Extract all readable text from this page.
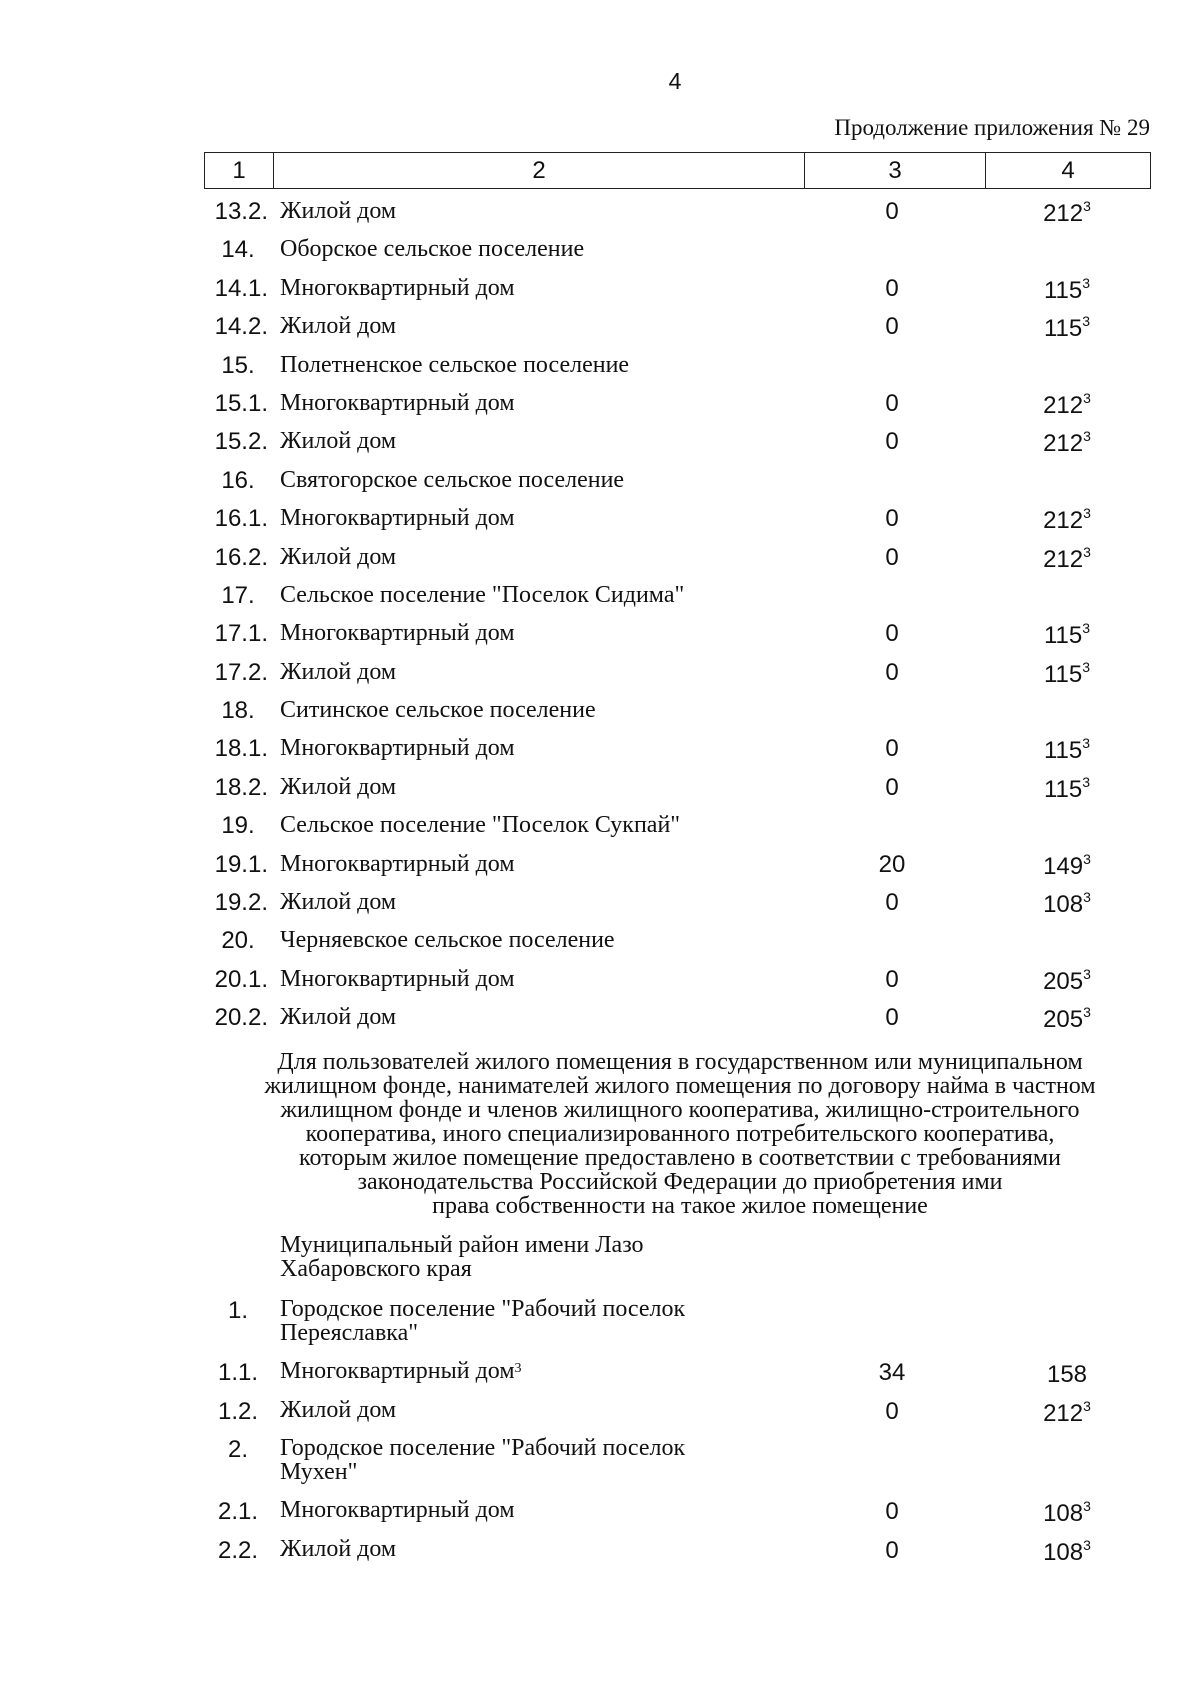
4
Продолжение приложения № 29
1	2	3	4
13.2. Жилой дом	0	$212^3$
14.	Оборское сельское поселение
14.1. Многоквартирный дом	0	$115^3$
14.2. Жилой дом	0	$115^3$
15.	Полетненское сельское поселение
15.1. Многоквартирный дом	0	$212^3$
15.2. Жилой дом	0	$212^3$
16.	Святогорское сельское поселение
16.1. Многоквартирный дом	0	$212^3$
16.2. Жилой дом	0	$212^3$
17.	Сельское поселение "Поселок Сидима"
17.1. Многоквартирный дом	0	$115^3$
17.2. Жилой дом	0	$115^3$
18.	Ситинское сельское поселение
18.1. Многоквартирный дом	0	$115^3$
18.2. Жилой дом	0	$115^3$
19.	Сельское поселение "Поселок Сукпай"
19.1. Многоквартирный дом	20	$149^3$
19.2. Жилой дом	0	$108^3$
20.	Черняевское сельское поселение
20.1. Многоквартирный дом	0	$205^3$
20.2. Жилой дом	0	$205^3$
Для пользователей жилого помещения в государственном или муниципальном
жилищном фонде, нанимателей жилого помещения по договору найма в частном
жилищном фонде и членов жилищного кооператива, жилищно-строительного
кооператива, иного специализированного потребительского кооператива,
которым жилое помещение предоставлено в соответствии с требованиями
законодательства Российской Федерации до приобретения ими
права собственности на такое жилое помещение
Муниципальный район имени Лазо
Хабаровского края
1.	Городское поселение "Рабочий поселок
Переяславка"
1.1. Многоквартирный дом$^3$	34	158
1.2. Жилой дом	0	$212^3$
2.	Городское поселение "Рабочий поселок
Мухен"
2.1. Многоквартирный дом	0	$108^3$
2.2. Жилой дом	0	$108^3$
